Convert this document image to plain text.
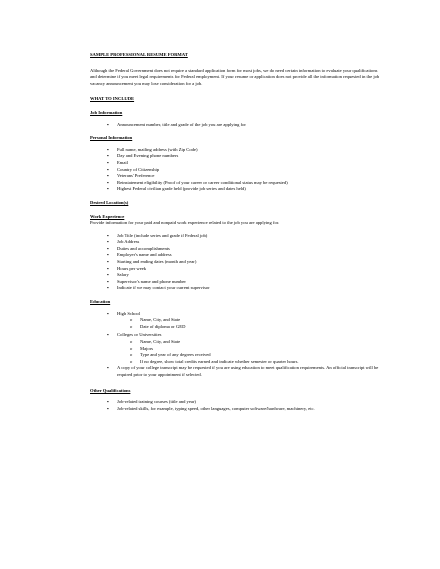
SAMPLE PROFESSIONAL RESUME FORMAT
Although the Federal Government does not require a standard application form for most jobs, we do need certain information to evaluate your qualifications and determine if you meet legal requirements for Federal employment. If your resume or application does not provide all the information requested in the job vacancy announcement you may lose consideration for a job.
WHAT TO INCLUDE
Job Information
▪ Announcement number, title and grade of the job you are applying for
Personal Information
▪ Full name, mailing address (with Zip Code)
▪ Day and Evening phone numbers
▪ Email
▪ Country of Citizenship
▪ Veterans' Preference
▪ Reinstatement eligibility (Proof of your career or career conditional status may be requested)
▪ Highest Federal civilian grade held (provide job series and dates held)
Desired Location(s)
Work Experience
Provide information for your paid and nonpaid work experience related to the job you are applying for.
▪ Job Title (include series and grade if Federal job)
▪ Job Address
▪ Duties and accomplishments
▪ Employer's name and address
▪ Starting and ending dates (month and year)
▪ Hours per week
▪ Salary
▪ Supervisor's name and phone number
▪ Indicate if we may contact your current supervisor
Education
▪ High School
o Name, City, and State
o Date of diploma or GED
▪ Colleges or Universities
o Name, City, and State
o Majors
o Type and year of any degrees received
o If no degree, show total credits earned and indicate whether semester or quarter hours.
▪ A copy of your college transcript may be requested if you are using education to meet qualification requirements. An official transcript will be required prior to your appointment if selected.
Other Qualifications
▪ Job-related training courses (title and year)
▪ Job-related skills, for example, typing speed, other languages, computer software/hardware, machinery, etc.
